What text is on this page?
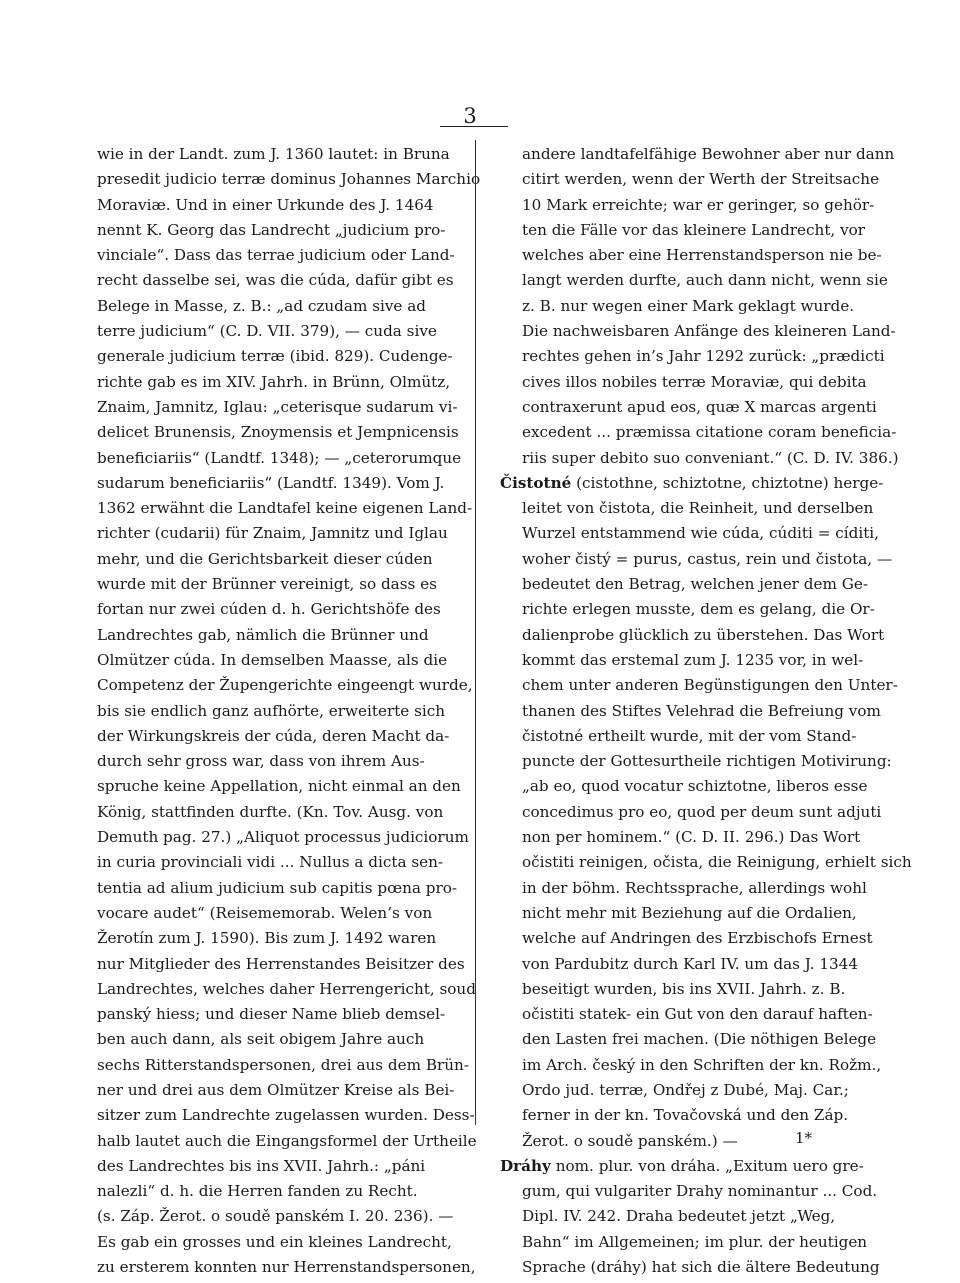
3
wie in der Landt. zum J. 1360 lautet: in Bruna
presedit judicio terræ dominus Johannes Marchio
Moraviæ. Und in einer Urkunde des J. 1464
nennt K. Georg das Landrecht „judicium pro-
vinciale“. Dass das terrae judicium oder Land-
recht dasselbe sei, was die cúda, dafür gibt es
Belege in Masse, z. B.: „ad czudam sive ad
terre judicium“ (C. D. VII. 379), — cuda sive
generale judicium terræ (ibid. 829). Cudenge-
richte gab es im XIV. Jahrh. in Brünn, Olmütz,
Znaim, Jamnitz, Iglau: „ceterisque sudarum vi-
delicet Brunensis, Znoymensis et Jempnicensis
beneficiariis“ (Landtf. 1348); — „ceterorumque
sudarum beneficiariis“ (Landtf. 1349). Vom J.
1362 erwähnt die Landtafel keine eigenen Land-
richter (cudarii) für Znaim, Jamnitz und Iglau
mehr, und die Gerichtsbarkeit dieser cúden
wurde mit der Brünner vereinigt, so dass es
fortan nur zwei cúden d. h. Gerichtshöfe des
Landrechtes gab, nämlich die Brünner und
Olmützer cúda. In demselben Maasse, als die
Competenz der Župengerichte eingeengt wurde,
bis sie endlich ganz aufhörte, erweiterte sich
der Wirkungskreis der cúda, deren Macht da-
durch sehr gross war, dass von ihrem Aus-
spruche keine Appellation, nicht einmal an den
König, stattfinden durfte. (Kn. Tov. Ausg. von
Demuth pag. 27.) „Aliquot processus judiciorum
in curia provinciali vidi ... Nullus a dicta sen-
tentia ad alium judicium sub capitis pœna pro-
vocare audet“ (Reisememorab. Welen’s von
Žerotín zum J. 1590). Bis zum J. 1492 waren
nur Mitglieder des Herrenstandes Beisitzer des
Landrechtes, welches daher Herrengericht, soud
panský hiess; und dieser Name blieb demsel-
ben auch dann, als seit obigem Jahre auch
sechs Ritterstandspersonen, drei aus dem Brün-
ner und drei aus dem Olmützer Kreise als Bei-
sitzer zum Landrechte zugelassen wurden. Dess-
halb lautet auch die Eingangsformel der Urtheile
des Landrechtes bis ins XVII. Jahrh.: „páni
nalezli“ d. h. die Herren fanden zu Recht.
(s. Záp. Žerot. o soudě panském I. 20. 236). —
Es gab ein grosses und ein kleines Landrecht,
zu ersterem konnten nur Herrenstandspersonen,
andere landtafelfähige Bewohner aber nur dann
citirt werden, wenn der Werth der Streitsache
10 Mark erreichte; war er geringer, so gehör-
ten die Fälle vor das kleinere Landrecht, vor
welches aber eine Herrenstandsperson nie be-
langt werden durfte, auch dann nicht, wenn sie
z. B. nur wegen einer Mark geklagt wurde.
Die nachweisbaren Anfänge des kleineren Land-
rechtes gehen in’s Jahr 1292 zurück: „prædicti
cives illos nobiles terræ Moraviæ, qui debita
contraxerunt apud eos, quæ X marcas argenti
excedent ... præmissa citatione coram beneficia-
riis super debito suo conveniant.“ (C. D. IV. 386.)
Čistotné (cistothne, schiztotne, chiztotne) herge-
leitet von čistota, die Reinheit, und derselben
Wurzel entstammend wie cúda, cúditi = cíditi,
woher čistý = purus, castus, rein und čistota, —
bedeutet den Betrag, welchen jener dem Ge-
richte erlegen musste, dem es gelang, die Or-
dalienprobe glücklich zu überstehen. Das Wort
kommt das erstemal zum J. 1235 vor, in wel-
chem unter anderen Begünstigungen den Unter-
thanen des Stiftes Velehrad die Befreiung vom
čistotné ertheilt wurde, mit der vom Stand-
puncte der Gottesurtheile richtigen Motivirung:
„ab eo, quod vocatur schiztotne, liberos esse
concedimus pro eo, quod per deum sunt adjuti
non per hominem.“ (C. D. II. 296.) Das Wort
očistiti reinigen, očista, die Reinigung, erhielt sich
in der böhm. Rechtssprache, allerdings wohl
nicht mehr mit Beziehung auf die Ordalien,
welche auf Andringen des Erzbischofs Ernest
von Pardubitz durch Karl IV. um das J. 1344
beseitigt wurden, bis ins XVII. Jahrh. z. B.
očistiti statek- ein Gut von den darauf haften-
den Lasten frei machen. (Die nöthigen Belege
im Arch. český in den Schriften der kn. Rožm.,
Ordo jud. terræ, Ondřej z Dubé, Maj. Car.;
ferner in der kn. Tovačovská und den Záp.
Žerot. o soudě panském.) —
Dráhy nom. plur. von dráha. „Exitum uero gre-
gum, qui vulgariter Drahy nominantur ... Cod.
Dipl. IV. 242. Draha bedeutet jetzt „Weg,
Bahn“ im Allgemeinen; im plur. der heutigen
Sprache (dráhy) hat sich die ältere Bedeutung
1*
